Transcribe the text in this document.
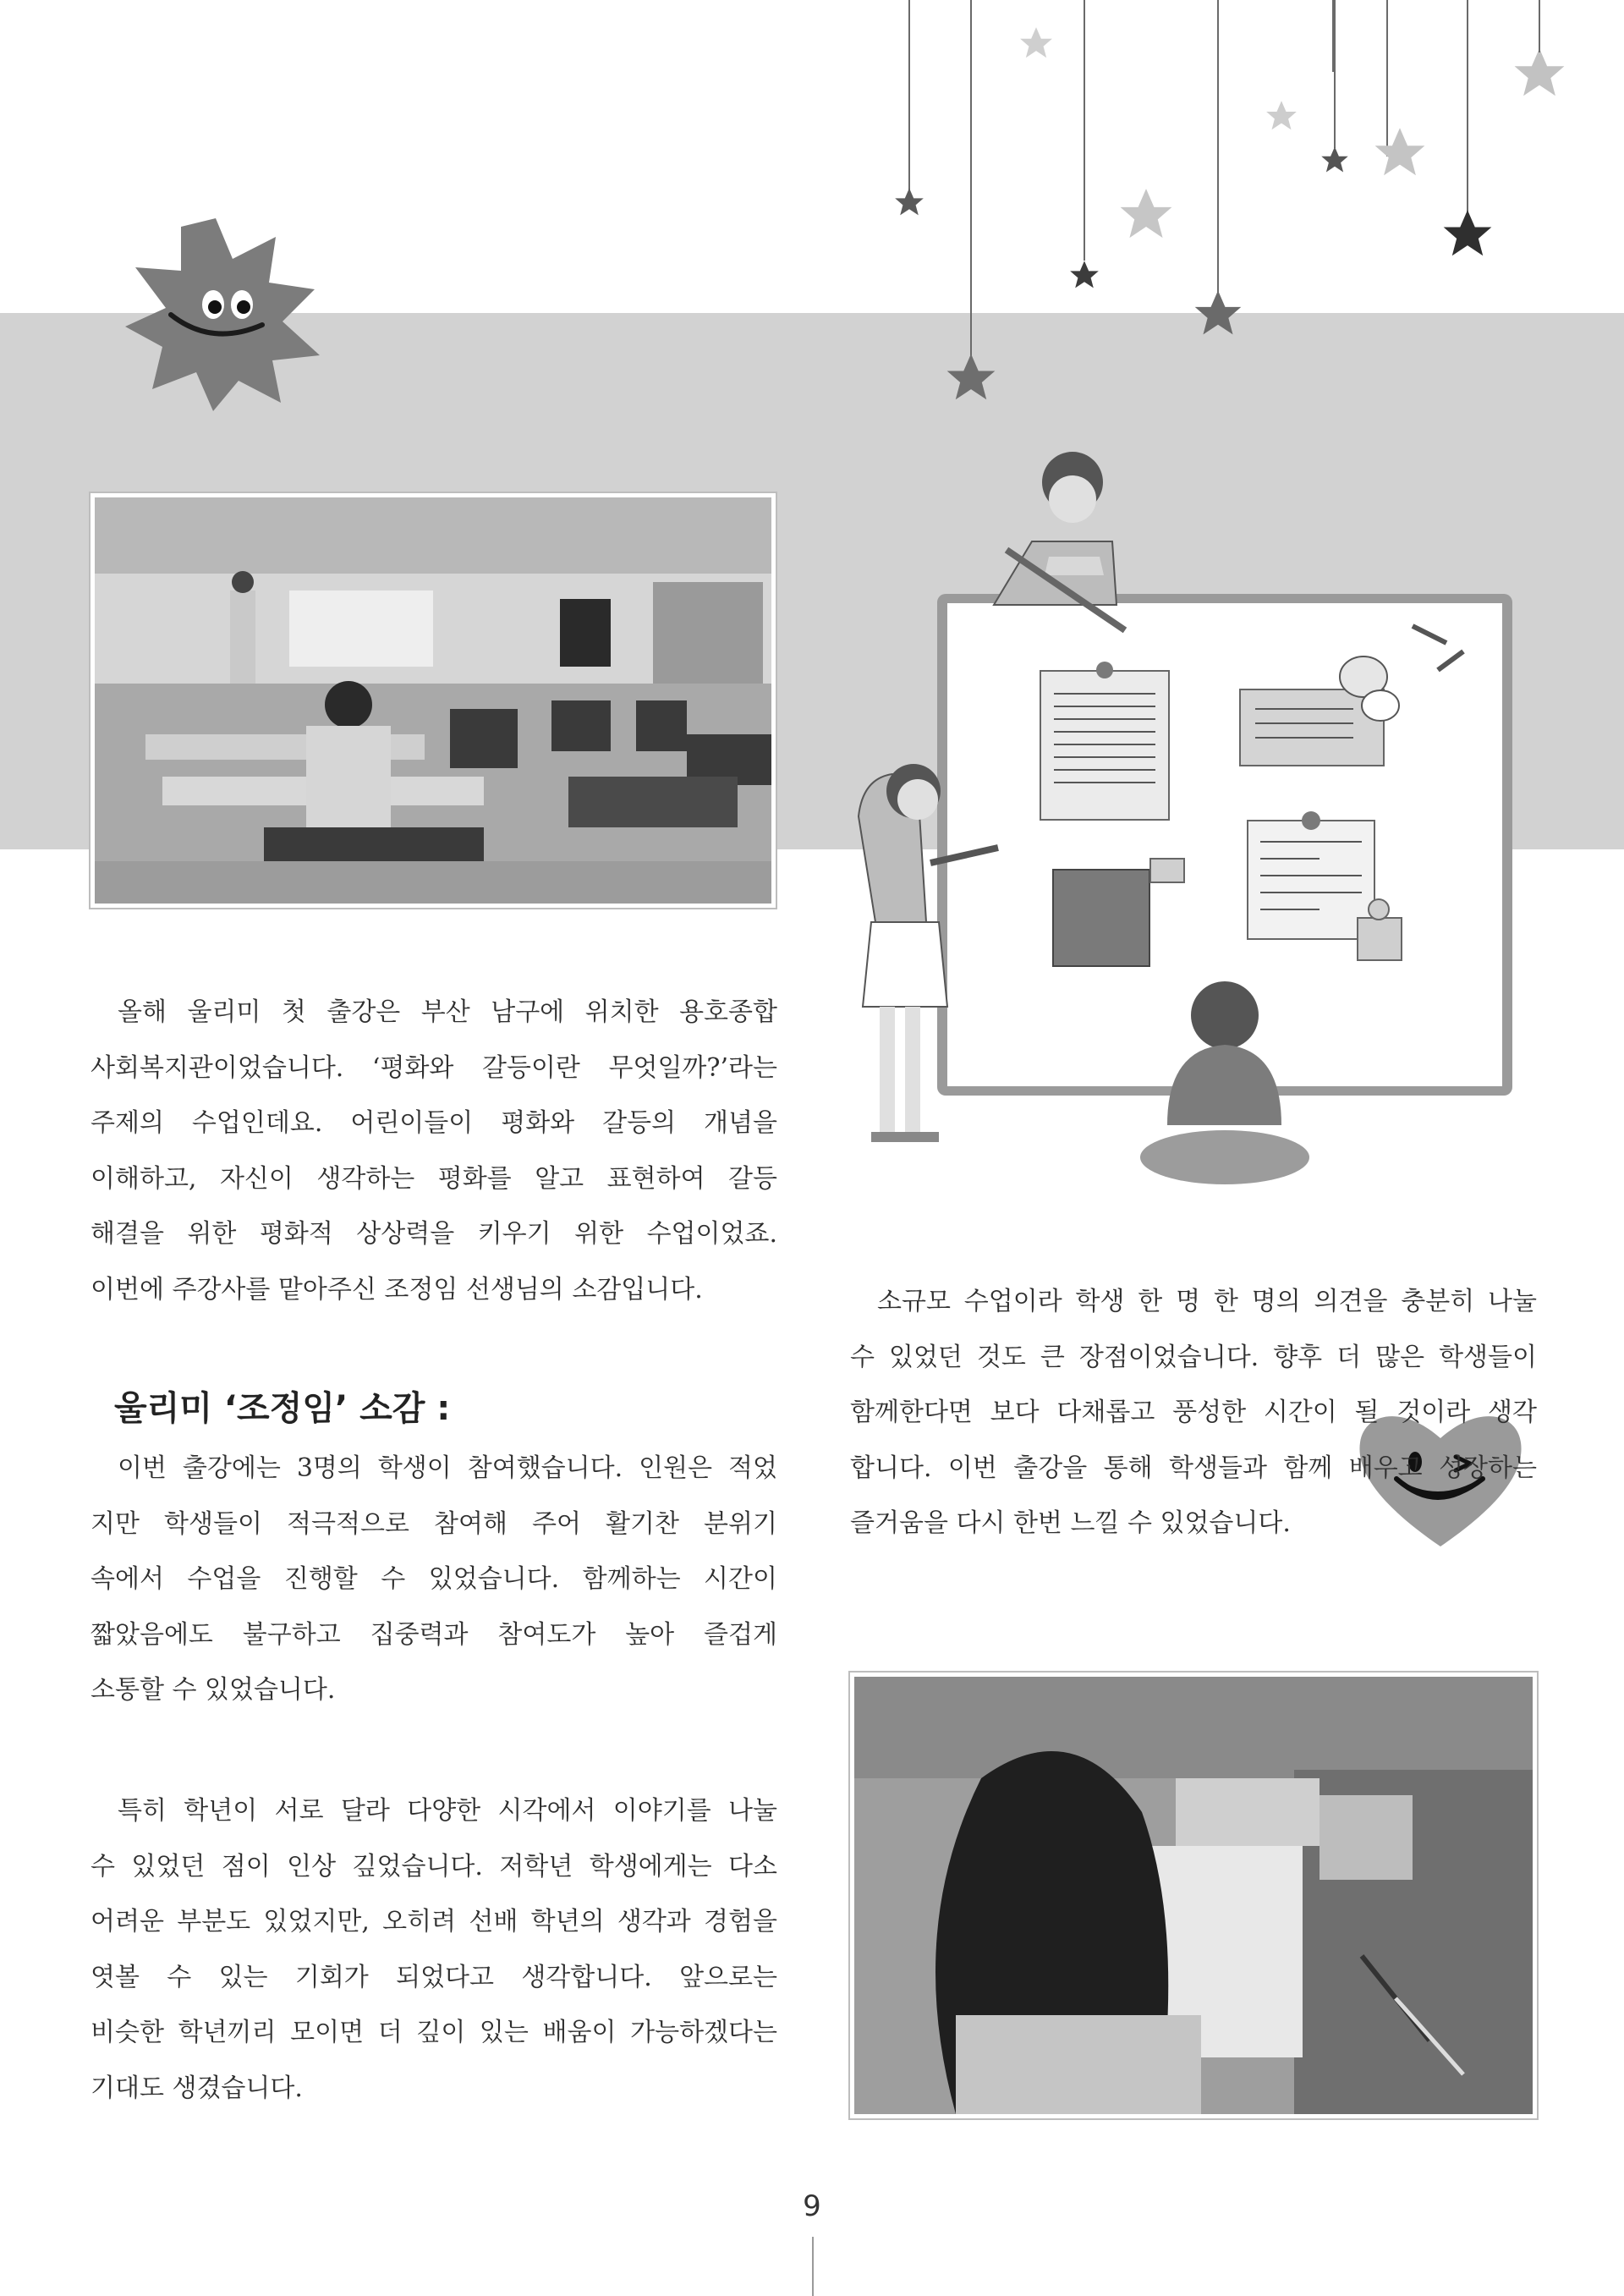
올해 울리미 첫 출강은 부산 남구에 위치한 용호종합

사회복지관이었습니다. ‘평화와 갈등이란 무엇일까?’라는

주제의 수업인데요. 어린이들이 평화와 갈등의 개념을

이해하고, 자신이 생각하는 평화를 알고 표현하여 갈등

해결을 위한 평화적 상상력을 키우기 위한 수업이었죠.

이번에 주강사를 맡아주신 조정임 선생님의 소감입니다.

울리미 ‘조정임’ 소감 :

이번 출강에는 3명의 학생이 참여했습니다. 인원은 적었

지만 학생들이 적극적으로 참여해 주어 활기찬 분위기

속에서 수업을 진행할 수 있었습니다. 함께하는 시간이

짧았음에도 불구하고 집중력과 참여도가 높아 즐겁게

소통할 수 있었습니다.

특히 학년이 서로 달라 다양한 시각에서 이야기를 나눌

수 있었던 점이 인상 깊었습니다. 저학년 학생에게는 다소

어려운 부분도 있었지만, 오히려 선배 학년의 생각과 경험을

엿볼 수 있는 기회가 되었다고 생각합니다. 앞으로는

비슷한 학년끼리 모이면 더 깊이 있는 배움이 가능하겠다는

기대도 생겼습니다.

소규모 수업이라 학생 한 명 한 명의 의견을 충분히 나눌

수 있었던 것도 큰 장점이었습니다. 향후 더 많은 학생들이

함께한다면 보다 다채롭고 풍성한 시간이 될 것이라 생각

합니다. 이번 출강을 통해 학생들과 함께 배우고 성장하는

즐거움을 다시 한번 느낄 수 있었습니다.

9
